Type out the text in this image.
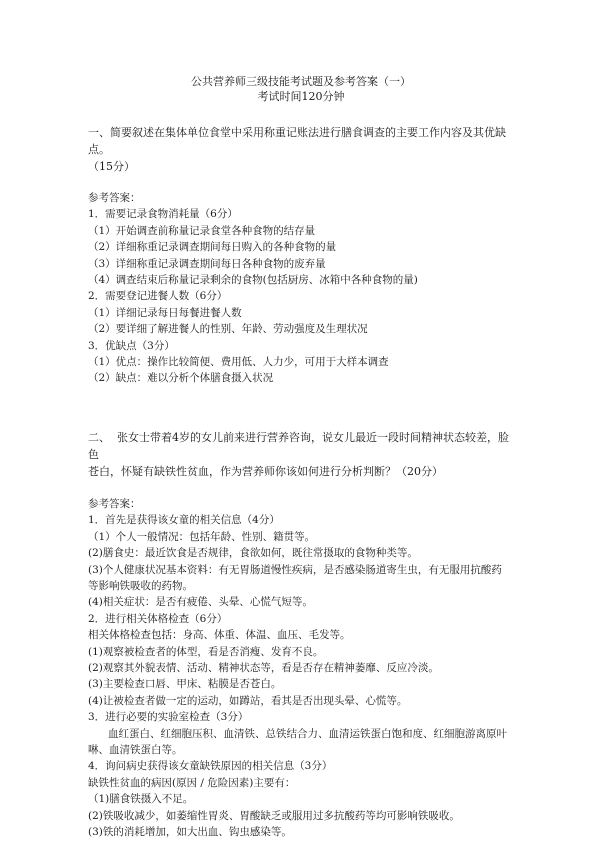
公共营养师三级技能考试题及参考答案（一）
考试时间120分钟
一、简要叙述在集体单位食堂中采用称重记账法进行膳食调查的主要工作内容及其优缺点。
（15分）
参考答案：
1．需要记录食物消耗量（6分）
（1）开始调查前称量记录食堂各种食物的结存量
（2）详细称重记录调查期间每日购入的各种食物的量
（3）详细称重记录调查期间每日各种食物的废弃量
（4）调查结束后称量记录剩余的食物(包括厨房、冰箱中各种食物的量)
2．需要登记进餐人数（6分）
（1）详细记录每日每餐进餐人数
（2）要详细了解进餐人的性别、年龄、劳动强度及生理状况
3．优缺点（3分）
（1）优点：操作比较简便、费用低、人力少，可用于大样本调查
（2）缺点：难以分析个体膳食摄入状况
二、  张女士带着4岁的女儿前来进行营养咨询，说女儿最近一段时间精神状态较差，脸色
苍白，怀疑有缺铁性贫血，作为营养师你该如何进行分析判断？（20分）
参考答案：
1．首先是获得该女童的相关信息（4分）
（1）个人一般情况：包括年龄、性别、籍贯等。
(2)膳食史：最近饮食是否规律，食欲如何，既往常摄取的食物种类等。
(3)个人健康状况基本资料：有无胃肠道慢性疾病，是否感染肠道寄生虫，有无服用抗酸药
等影响铁吸收的药物。
(4)相关症状：是否有疲倦、头晕、心慌气短等。
2．进行相关体格检查（6分）
相关体格检查包括：身高、体重、体温、血压、毛发等。
(1)观察被检查者的体型，看是否消瘦、发育不良。
(2)观察其外貌表情、活动、精神状态等，看是否存在精神萎靡、反应冷淡。
(3)主要检查口唇、甲床、粘膜是否苍白。
(4)让被检查者做一定的运动，如蹲站，看其是否出现头晕、心慌等。
3．进行必要的实验室检查（3分）
血红蛋白、红细胞压积、血清铁、总铁结合力、血清运铁蛋白饱和度、红细胞游离原叶
啉、血清铁蛋白等。
4．询问病史获得该女童缺铁原因的相关信息（3分）
缺铁性贫血的病因(原因 / 危险因素)主要有：
（1)膳食铁摄入不足。
(2)铁吸收减少，如萎缩性胃炎、胃酸缺乏或服用过多抗酸药等均可影响铁吸收。
(3)铁的消耗增加，如大出血、钩虫感染等。
